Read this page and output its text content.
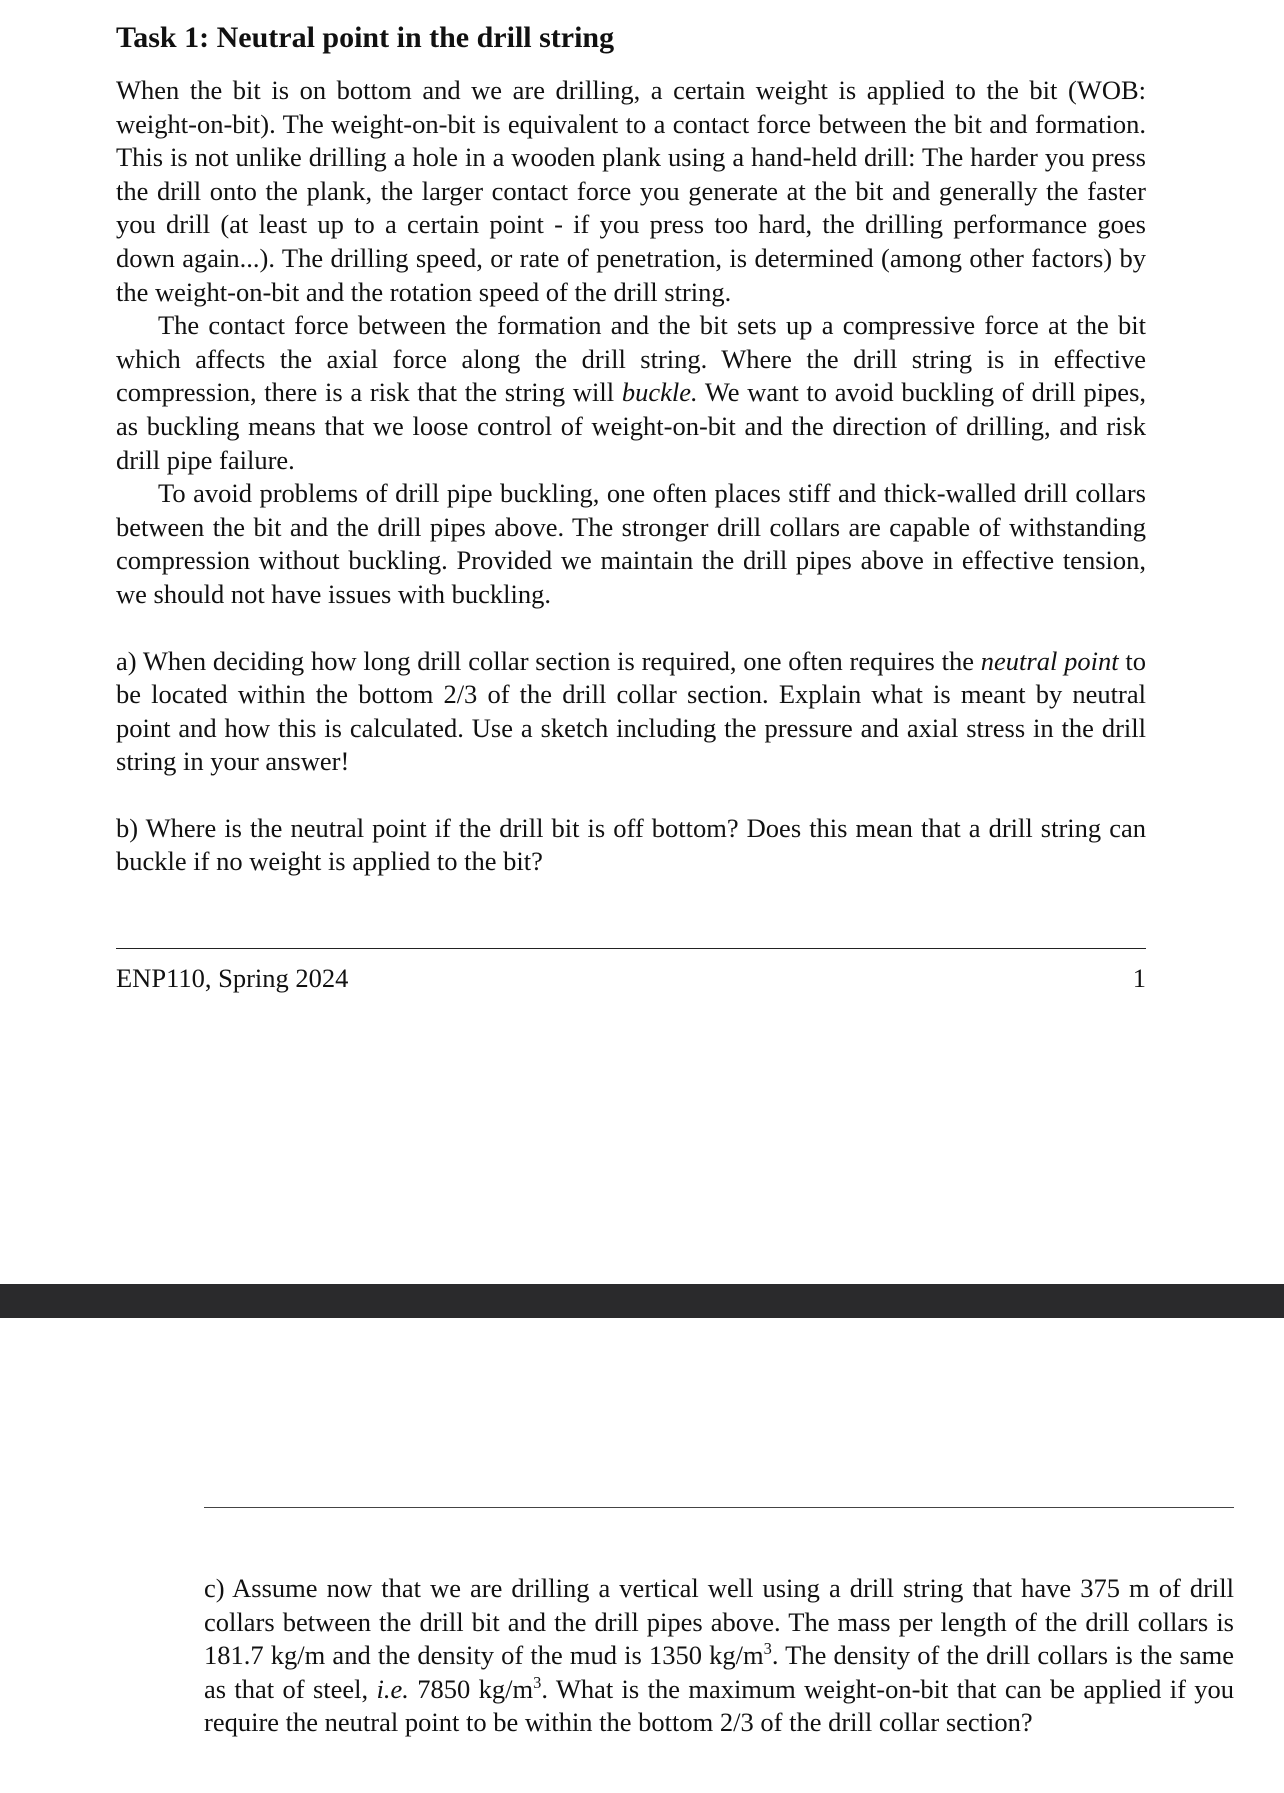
Task 1: Neutral point in the drill string

When the bit is on bottom and we are drilling, a certain weight is applied to the bit (WOB: weight-on-bit). The weight-on-bit is equivalent to a contact force between the bit and formation. This is not unlike drilling a hole in a wooden plank using a hand-held drill: The harder you press the drill onto the plank, the larger contact force you generate at the bit and generally the faster you drill (at least up to a certain point - if you press too hard, the drilling performance goes down again...). The drilling speed, or rate of penetration, is determined (among other factors) by the weight-on-bit and the rotation speed of the drill string.

The contact force between the formation and the bit sets up a compressive force at the bit which affects the axial force along the drill string. Where the drill string is in effective compression, there is a risk that the string will buckle. We want to avoid buckling of drill pipes, as buckling means that we loose control of weight-on-bit and the direction of drilling, and risk drill pipe failure.

To avoid problems of drill pipe buckling, one often places stiff and thick-walled drill collars between the bit and the drill pipes above. The stronger drill collars are capable of withstanding compression without buckling. Provided we maintain the drill pipes above in effective tension, we should not have issues with buckling.

a) When deciding how long drill collar section is required, one often requires the neutral point to be located within the bottom 2/3 of the drill collar section. Explain what is meant by neutral point and how this is calculated. Use a sketch including the pressure and axial stress in the drill string in your answer!

b) Where is the neutral point if the drill bit is off bottom? Does this mean that a drill string can buckle if no weight is applied to the bit?

ENP110, Spring 2024	1

c) Assume now that we are drilling a vertical well using a drill string that have 375 m of drill collars between the drill bit and the drill pipes above. The mass per length of the drill collars is 181.7 kg/m and the density of the mud is 1350 $kg/m^3$. The density of the drill collars is the same as that of steel, i.e. 7850 $kg/m^3$. What is the maximum weight-on-bit that can be applied if you require the neutral point to be within the bottom 2/3 of the drill collar section?
